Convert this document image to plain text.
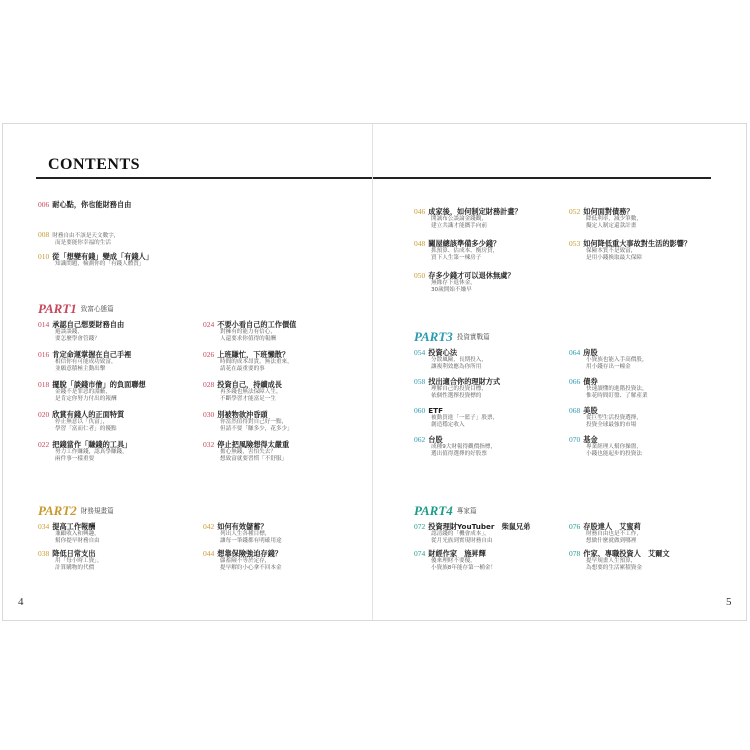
CONTENTS
006 耐心點，你也能財務自由
008 財務自由不該是天文數字，
而是要能你幸福的生活
010 從「想變有錢」變成「有錢人」
知識問題，檢測你的「有錢人體質」
PART1 致富心態篇
PART2 財務規畫篇
PART3 投資實戰篇
PART4 專家篇
4	5
014 承認自己想要財務自由
避談談錢，
要怎麼學會管錢？
016 肯定命運掌握在自己手裡
相信你有可能成功致富，
並願意積極主動出擊
018 擺脫「談錢市儈」的負面聯想
金錢不是罪惡的淵藪，
是肯定你努力付出的報酬
020 欣賞有錢人的正面特質
停止無意以「仇富」，
學習「富而仁者」的優點
022 把錢當作「賺錢的工具」
努力工作賺錢，認真學賺錢，
兩件事一樣重要
024 不要小看自己的工作價值
對擁有的能力有信心，
人還要求你值得的報酬
026 上班賺忙，下班懶散？
時間的成本昂貴，無法重來，
請花在最重要的事
028 投資自己，持續成長
再多錢也無法保障人生，
不斷學習才能富足一生
030 別被物欲沖昏頭
你當然值得對自己好一點，
但請不要「賺多少，花多少」
032 停止把風險想得太嚴重
擔心無錢，害怕失去？
想致富就要習慣「不舒服」
034 提高工作報酬
兼顧收入和興趣，
幫你提早財務自由
038 降低日常支出
用「每小時工資」，
計算購物的代價
042 如何有效儲蓄？
列出人生各種目標，
讓每一筆錢都有明確用途
044 想靠保險強迫存錢？
儲蓄險不等於定存，
提早解約小心拿不回本金
046 成家後，如何制定財務計畫？
開誠布公談論金錢觀，
建立共識才能攜手向前
048 關屋總該準備多少錢？
抓預算、估成本、衡房貸，
買下人生第一棟房子
050 存多少錢才可以退休無虞？
無緣存下退休金，
30歲開始不嫌早
052 如何面對債務？
降低利率，減少筆數，
擬定人制定還款計畫
053 如何降低重大事故對生活的影響？
保險本質不是致富，
是用小錢換取最大保障
054 投資心法
分散風險，長期投入，
讓複利效應為你所用
058 找出適合你的理財方式
理解自己的投資目標，
依個性選擇投資標的
060 ETF
被動買進「一籃子」股票，
創造穩定收入
062 台股
成種9大財報得觀價指標，
選出值得選擇的好股票
064 房股
小資族也能入手高價股，
用小錢存出一幢金
066 債券
快速讀懂的進階投資法，
惟花時間盯盤、了解產業
068 美股
從巨型生活投資選擇，
投資全球最強的市場
070 基金
專業經理人幫你操盤，
小錢也能起步的投資法
072 投資理財YouTuber　柴鼠兄弟
認清錢的「機會成本」，
從月光族到實現財務自由
074 財經作家　施昇輝
傻來理財不要傻，
小資族8年能存第一桶金！
076 存股達人　艾蜜莉
財務自由也是不工作，
想做什麼就做到哪裡
078 作家、專職投資人　艾爾文
提早規畫人生預算，
為想要的生活累積資金
